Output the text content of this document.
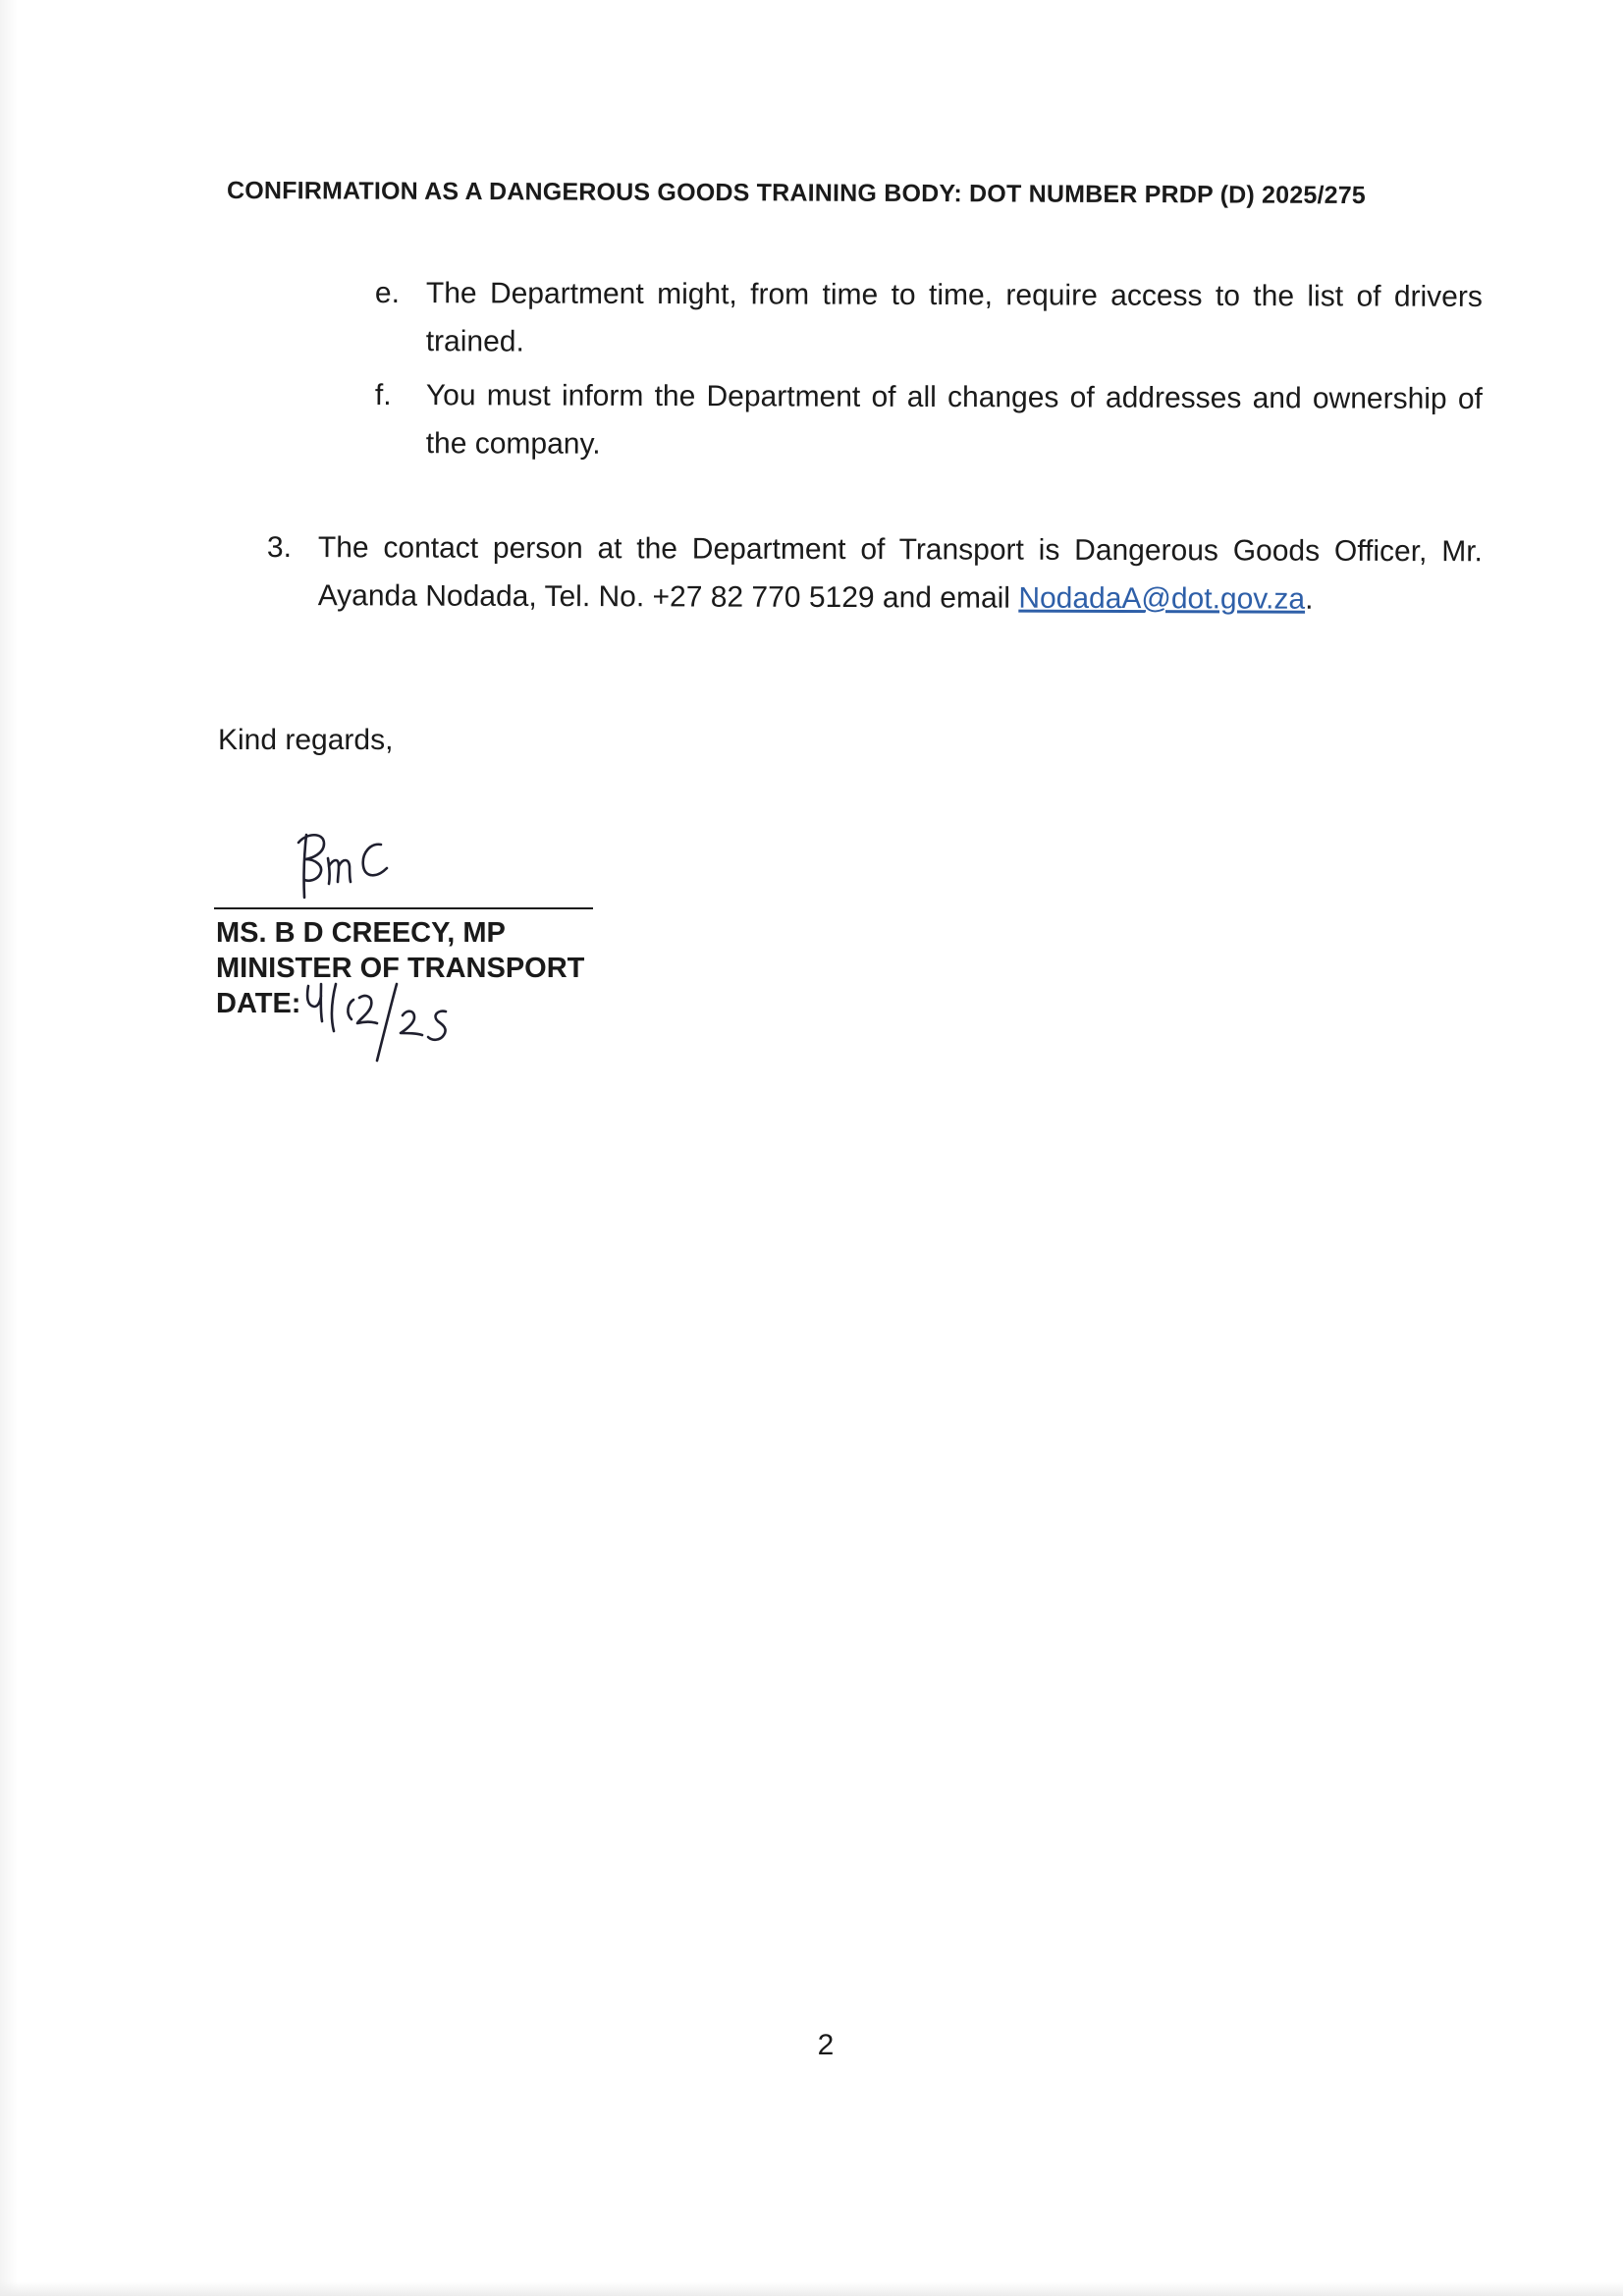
CONFIRMATION AS A DANGEROUS GOODS TRAINING BODY: DOT NUMBER PRDP (D) 2025/275
e. The Department might, from time to time, require access to the list of drivers trained.
f. You must inform the Department of all changes of addresses and ownership of the company.
3. The contact person at the Department of Transport is Dangerous Goods Officer, Mr. Ayanda Nodada, Tel. No. +27 82 770 5129 and email NodadaA@dot.gov.za.
Kind regards,
MS. B D CREECY, MP
MINISTER OF TRANSPORT
DATE:
2
